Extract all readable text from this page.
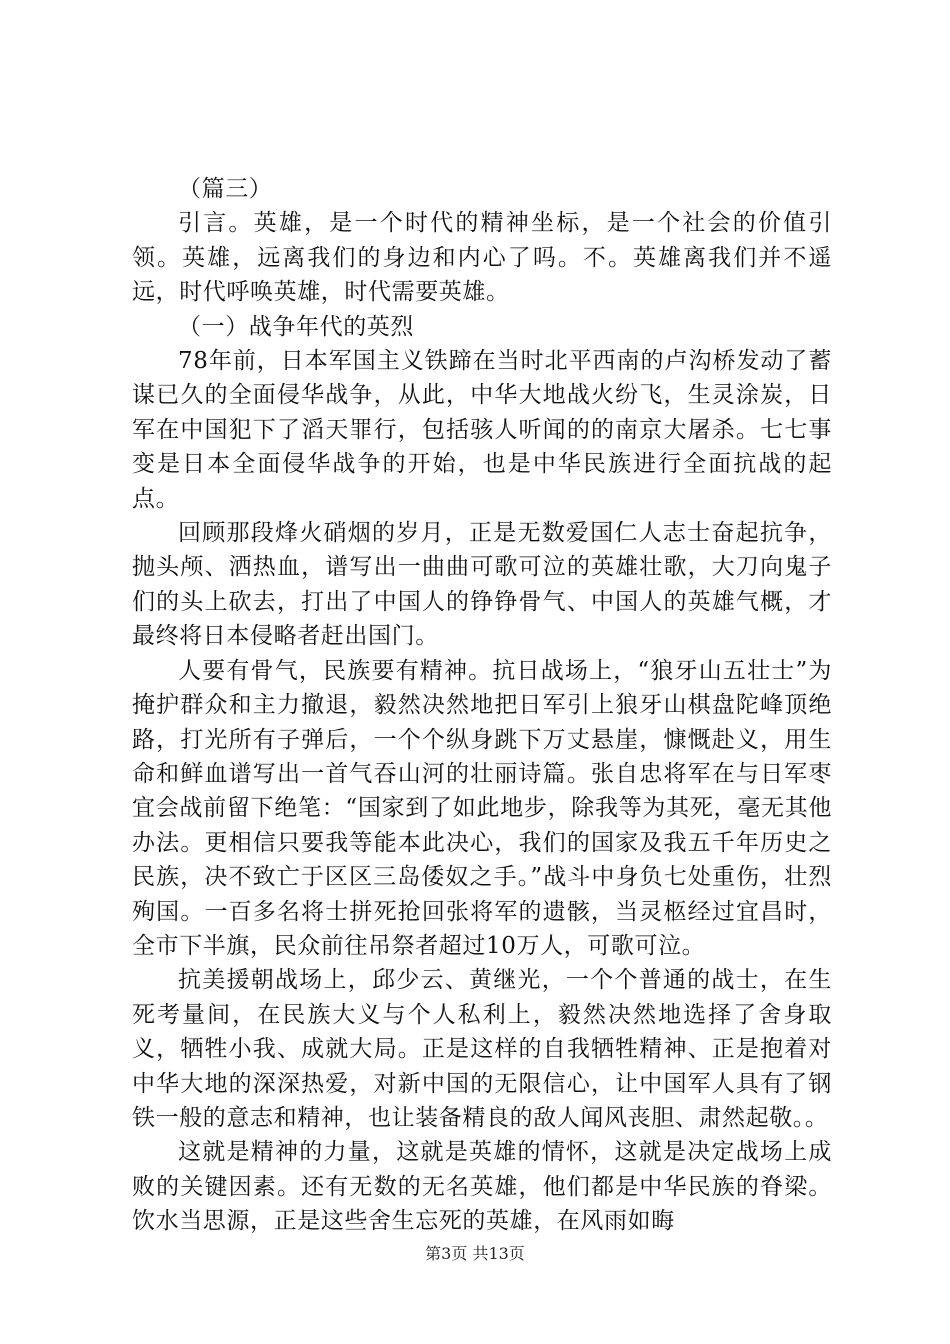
（篇三）

引言。英雄，是一个时代的精神坐标，是一个社会的价值引领。英雄，远离我们的身边和内心了吗。不。英雄离我们并不遥远，时代呼唤英雄，时代需要英雄。

（一）战争年代的英烈

78年前，日本军国主义铁蹄在当时北平西南的卢沟桥发动了蓄谋已久的全面侵华战争，从此，中华大地战火纷飞，生灵涂炭，日军在中国犯下了滔天罪行，包括骇人听闻的的南京大屠杀。七七事变是日本全面侵华战争的开始，也是中华民族进行全面抗战的起点。

回顾那段烽火硝烟的岁月，正是无数爱国仁人志士奋起抗争，抛头颅、洒热血，谱写出一曲曲可歌可泣的英雄壮歌，大刀向鬼子们的头上砍去，打出了中国人的铮铮骨气、中国人的英雄气概，才最终将日本侵略者赶出国门。

人要有骨气，民族要有精神。抗日战场上，“狼牙山五壮士”为掩护群众和主力撤退，毅然决然地把日军引上狼牙山棋盘陀峰顶绝路，打光所有子弹后，一个个纵身跳下万丈悬崖，慷慨赴义，用生命和鲜血谱写出一首气吞山河的壮丽诗篇。张自忠将军在与日军枣宜会战前留下绝笔：“国家到了如此地步，除我等为其死，毫无其他办法。更相信只要我等能本此决心，我们的国家及我五千年历史之民族，决不致亡于区区三岛倭奴之手。”战斗中身负七处重伤，壮烈殉国。一百多名将士拼死抢回张将军的遗骸，当灵柩经过宜昌时，全市下半旗，民众前往吊祭者超过10万人，可歌可泣。

抗美援朝战场上，邱少云、黄继光，一个个普通的战士，在生死考量间，在民族大义与个人私利上，毅然决然地选择了舍身取义，牺牲小我、成就大局。正是这样的自我牺牲精神、正是抱着对中华大地的深深热爱，对新中国的无限信心，让中国军人具有了钢铁一般的意志和精神，也让装备精良的敌人闻风丧胆、肃然起敬。。

这就是精神的力量，这就是英雄的情怀，这就是决定战场上成败的关键因素。还有无数的无名英雄，他们都是中华民族的脊梁。饮水当思源，正是这些舍生忘死的英雄，在风雨如晦

第3页 共13页
